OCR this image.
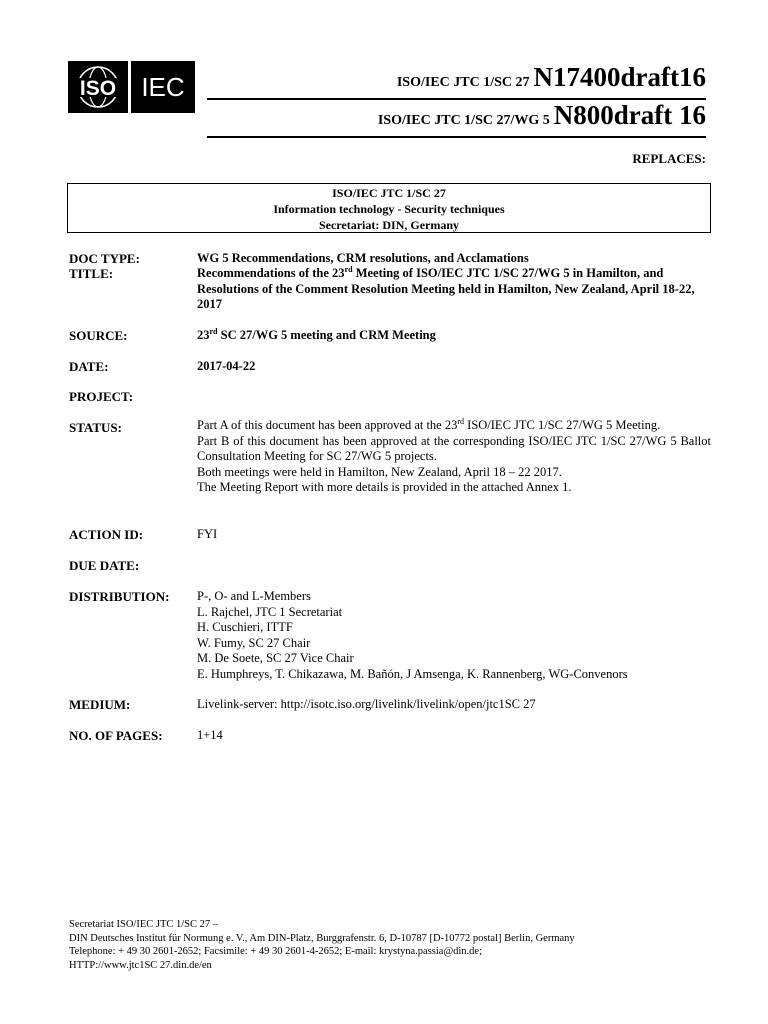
ISO IEC	ISO/IEC JTC 1/SC 27 N17400draft16
ISO/IEC JTC 1/SC 27/WG 5 N800draft 16
REPLACES:
ISO/IEC JTC 1/SC 27
Information technology - Security techniques
Secretariat: DIN, Germany
DOC TYPE:	WG 5 Recommendations, CRM resolutions, and Acclamations
TITLE:	Recommendations of the 23rd Meeting of ISO/IEC JTC 1/SC 27/WG 5 in Hamilton, and Resolutions of the Comment Resolution Meeting held in Hamilton, New Zealand, April 18-22, 2017
SOURCE:	23rd SC 27/WG 5 meeting and CRM Meeting
DATE:	2017-04-22
PROJECT:
STATUS:	Part A of this document has been approved at the 23rd ISO/IEC JTC 1/SC 27/WG 5 Meeting.
Part B of this document has been approved at the corresponding ISO/IEC JTC 1/SC 27/WG 5 Ballot Consultation Meeting for SC 27/WG 5 projects.
Both meetings were held in Hamilton, New Zealand, April 18 – 22 2017.
The Meeting Report with more details is provided in the attached Annex 1.
ACTION ID:	FYI
DUE DATE:
DISTRIBUTION: P-, O- and L-Members
L. Rajchel, JTC 1 Secretariat
H. Cuschieri, ITTF
W. Fumy, SC 27 Chair
M. De Soete, SC 27 Vice Chair
E. Humphreys, T. Chikazawa, M. Bañón, J Amsenga, K. Rannenberg, WG-Convenors
MEDIUM:	Livelink-server: http://isotc.iso.org/livelink/livelink/open/jtc1SC 27
NO. OF PAGES:	1+14
Secretariat ISO/IEC JTC 1/SC 27 –
DIN Deutsches Institut für Normung e. V., Am DIN-Platz, Burggrafenstr. 6, D-10787 [D-10772 postal] Berlin, Germany
Telephone: + 49 30 2601-2652; Facsimile: + 49 30 2601-4-2652; E-mail: krystyna.passia@din.de;
HTTP://www.jtc1SC 27.din.de/en
